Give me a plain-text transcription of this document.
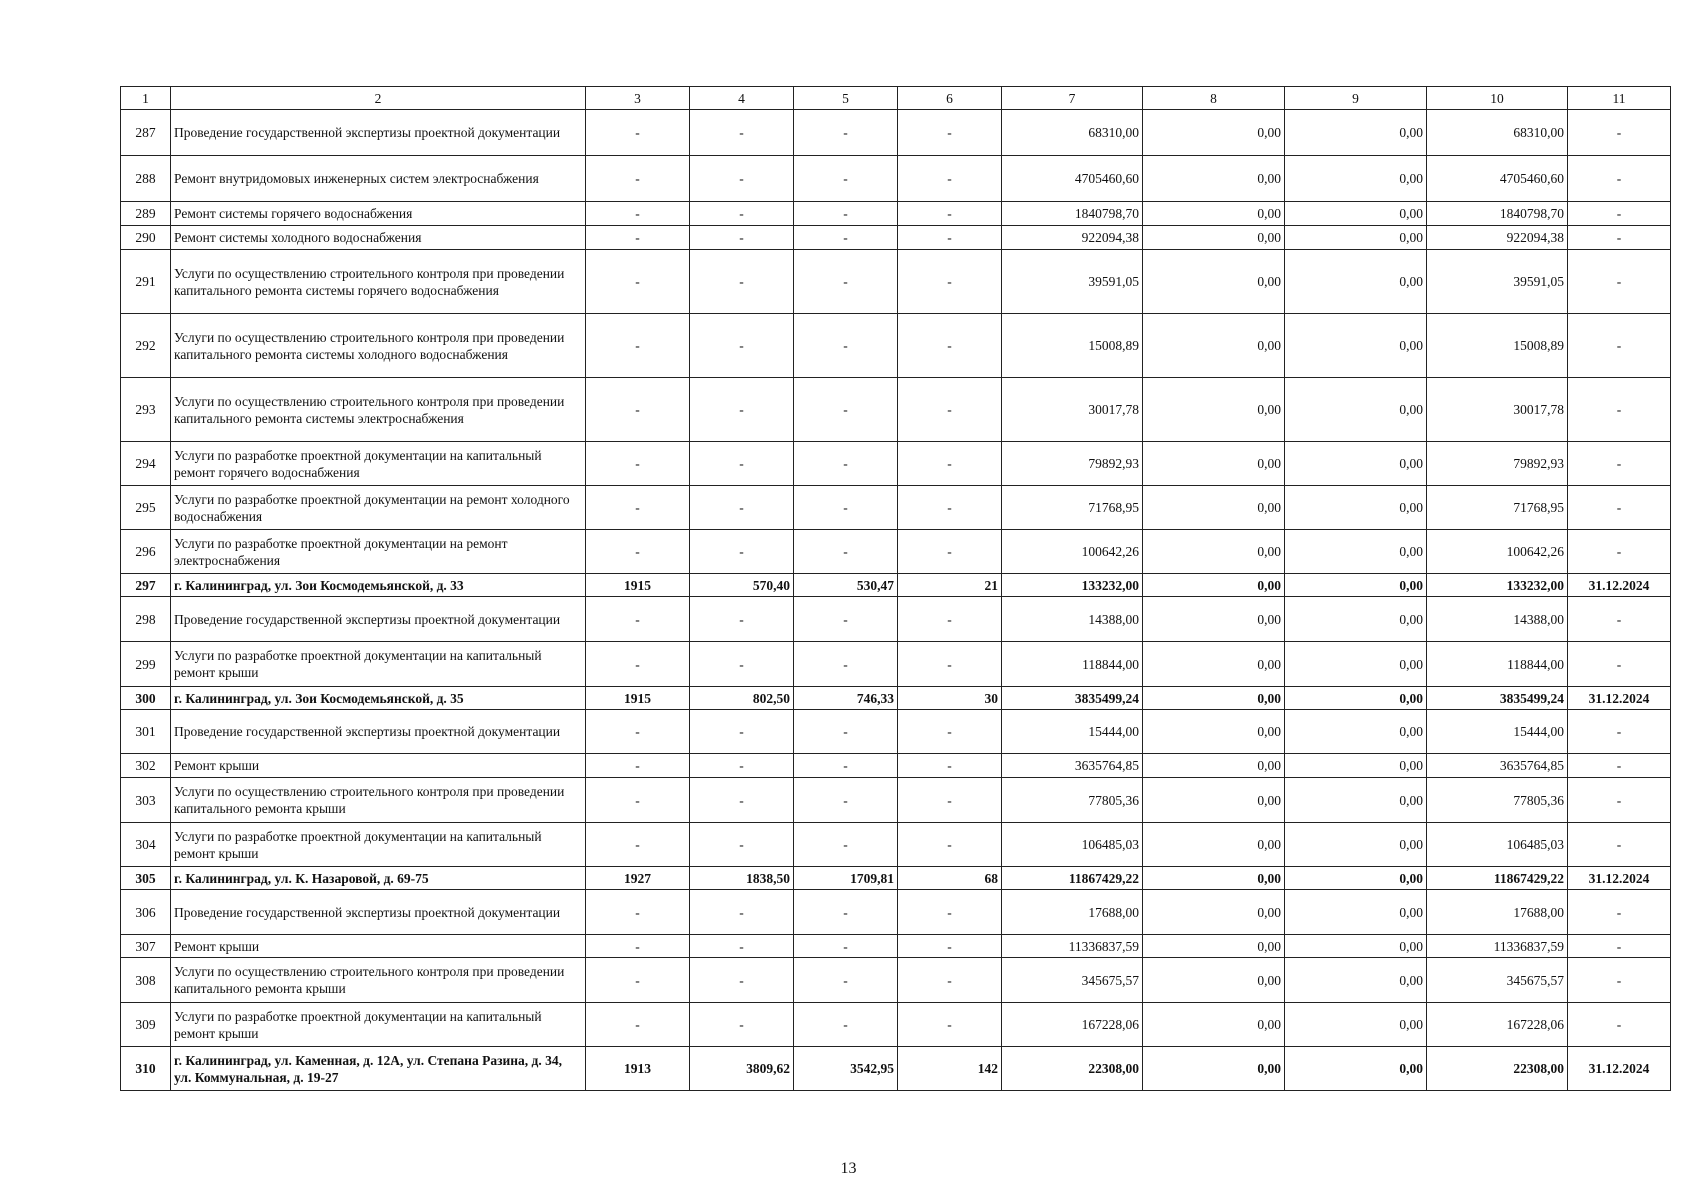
1	2	3	4	5	6	7	8	9	10	11
287	Проведение государственной экспертизы проектной документации	-	-	-	-	68310,00	0,00	0,00	68310,00	-
288	Ремонт внутридомовых инженерных систем электроснабжения	-	-	-	-	4705460,60	0,00	0,00	4705460,60	-
289	Ремонт системы горячего водоснабжения	-	-	-	-	1840798,70	0,00	0,00	1840798,70	-
290	Ремонт системы холодного водоснабжения	-	-	-	-	922094,38	0,00	0,00	922094,38	-
291	Услуги по осуществлению строительного контроля при проведении капитального ремонта системы горячего водоснабжения	-	-	-	-	39591,05	0,00	0,00	39591,05	-
292	Услуги по осуществлению строительного контроля при проведении капитального ремонта системы холодного водоснабжения	-	-	-	-	15008,89	0,00	0,00	15008,89	-
293	Услуги по осуществлению строительного контроля при проведении капитального ремонта системы электроснабжения	-	-	-	-	30017,78	0,00	0,00	30017,78	-
294	Услуги по разработке проектной документации на капитальный ремонт горячего водоснабжения	-	-	-	-	79892,93	0,00	0,00	79892,93	-
295	Услуги по разработке проектной документации на ремонт холодного водоснабжения	-	-	-	-	71768,95	0,00	0,00	71768,95	-
296	Услуги по разработке проектной документации на ремонт электроснабжения	-	-	-	-	100642,26	0,00	0,00	100642,26	-
297	г. Калининград, ул. Зои Космодемьянской, д. 33	1915	570,40	530,47	21	133232,00	0,00	0,00	133232,00	31.12.2024
298	Проведение государственной экспертизы проектной документации	-	-	-	-	14388,00	0,00	0,00	14388,00	-
299	Услуги по разработке проектной документации на капитальный ремонт крыши	-	-	-	-	118844,00	0,00	0,00	118844,00	-
300	г. Калининград, ул. Зои Космодемьянской, д. 35	1915	802,50	746,33	30	3835499,24	0,00	0,00	3835499,24	31.12.2024
301	Проведение государственной экспертизы проектной документации	-	-	-	-	15444,00	0,00	0,00	15444,00	-
302	Ремонт крыши	-	-	-	-	3635764,85	0,00	0,00	3635764,85	-
303	Услуги по осуществлению строительного контроля при проведении капитального ремонта крыши	-	-	-	-	77805,36	0,00	0,00	77805,36	-
304	Услуги по разработке проектной документации на капитальный ремонт крыши	-	-	-	-	106485,03	0,00	0,00	106485,03	-
305	г. Калининград, ул. К. Назаровой, д. 69-75	1927	1838,50	1709,81	68	11867429,22	0,00	0,00	11867429,22	31.12.2024
306	Проведение государственной экспертизы проектной документации	-	-	-	-	17688,00	0,00	0,00	17688,00	-
307	Ремонт крыши	-	-	-	-	11336837,59	0,00	0,00	11336837,59	-
308	Услуги по осуществлению строительного контроля при проведении капитального ремонта крыши	-	-	-	-	345675,57	0,00	0,00	345675,57	-
309	Услуги по разработке проектной документации на капитальный ремонт крыши	-	-	-	-	167228,06	0,00	0,00	167228,06	-
310	г. Калининград, ул. Каменная, д. 12А, ул. Степана Разина, д. 34, ул. Коммунальная, д. 19-27	1913	3809,62	3542,95	142	22308,00	0,00	0,00	22308,00	31.12.2024
13
